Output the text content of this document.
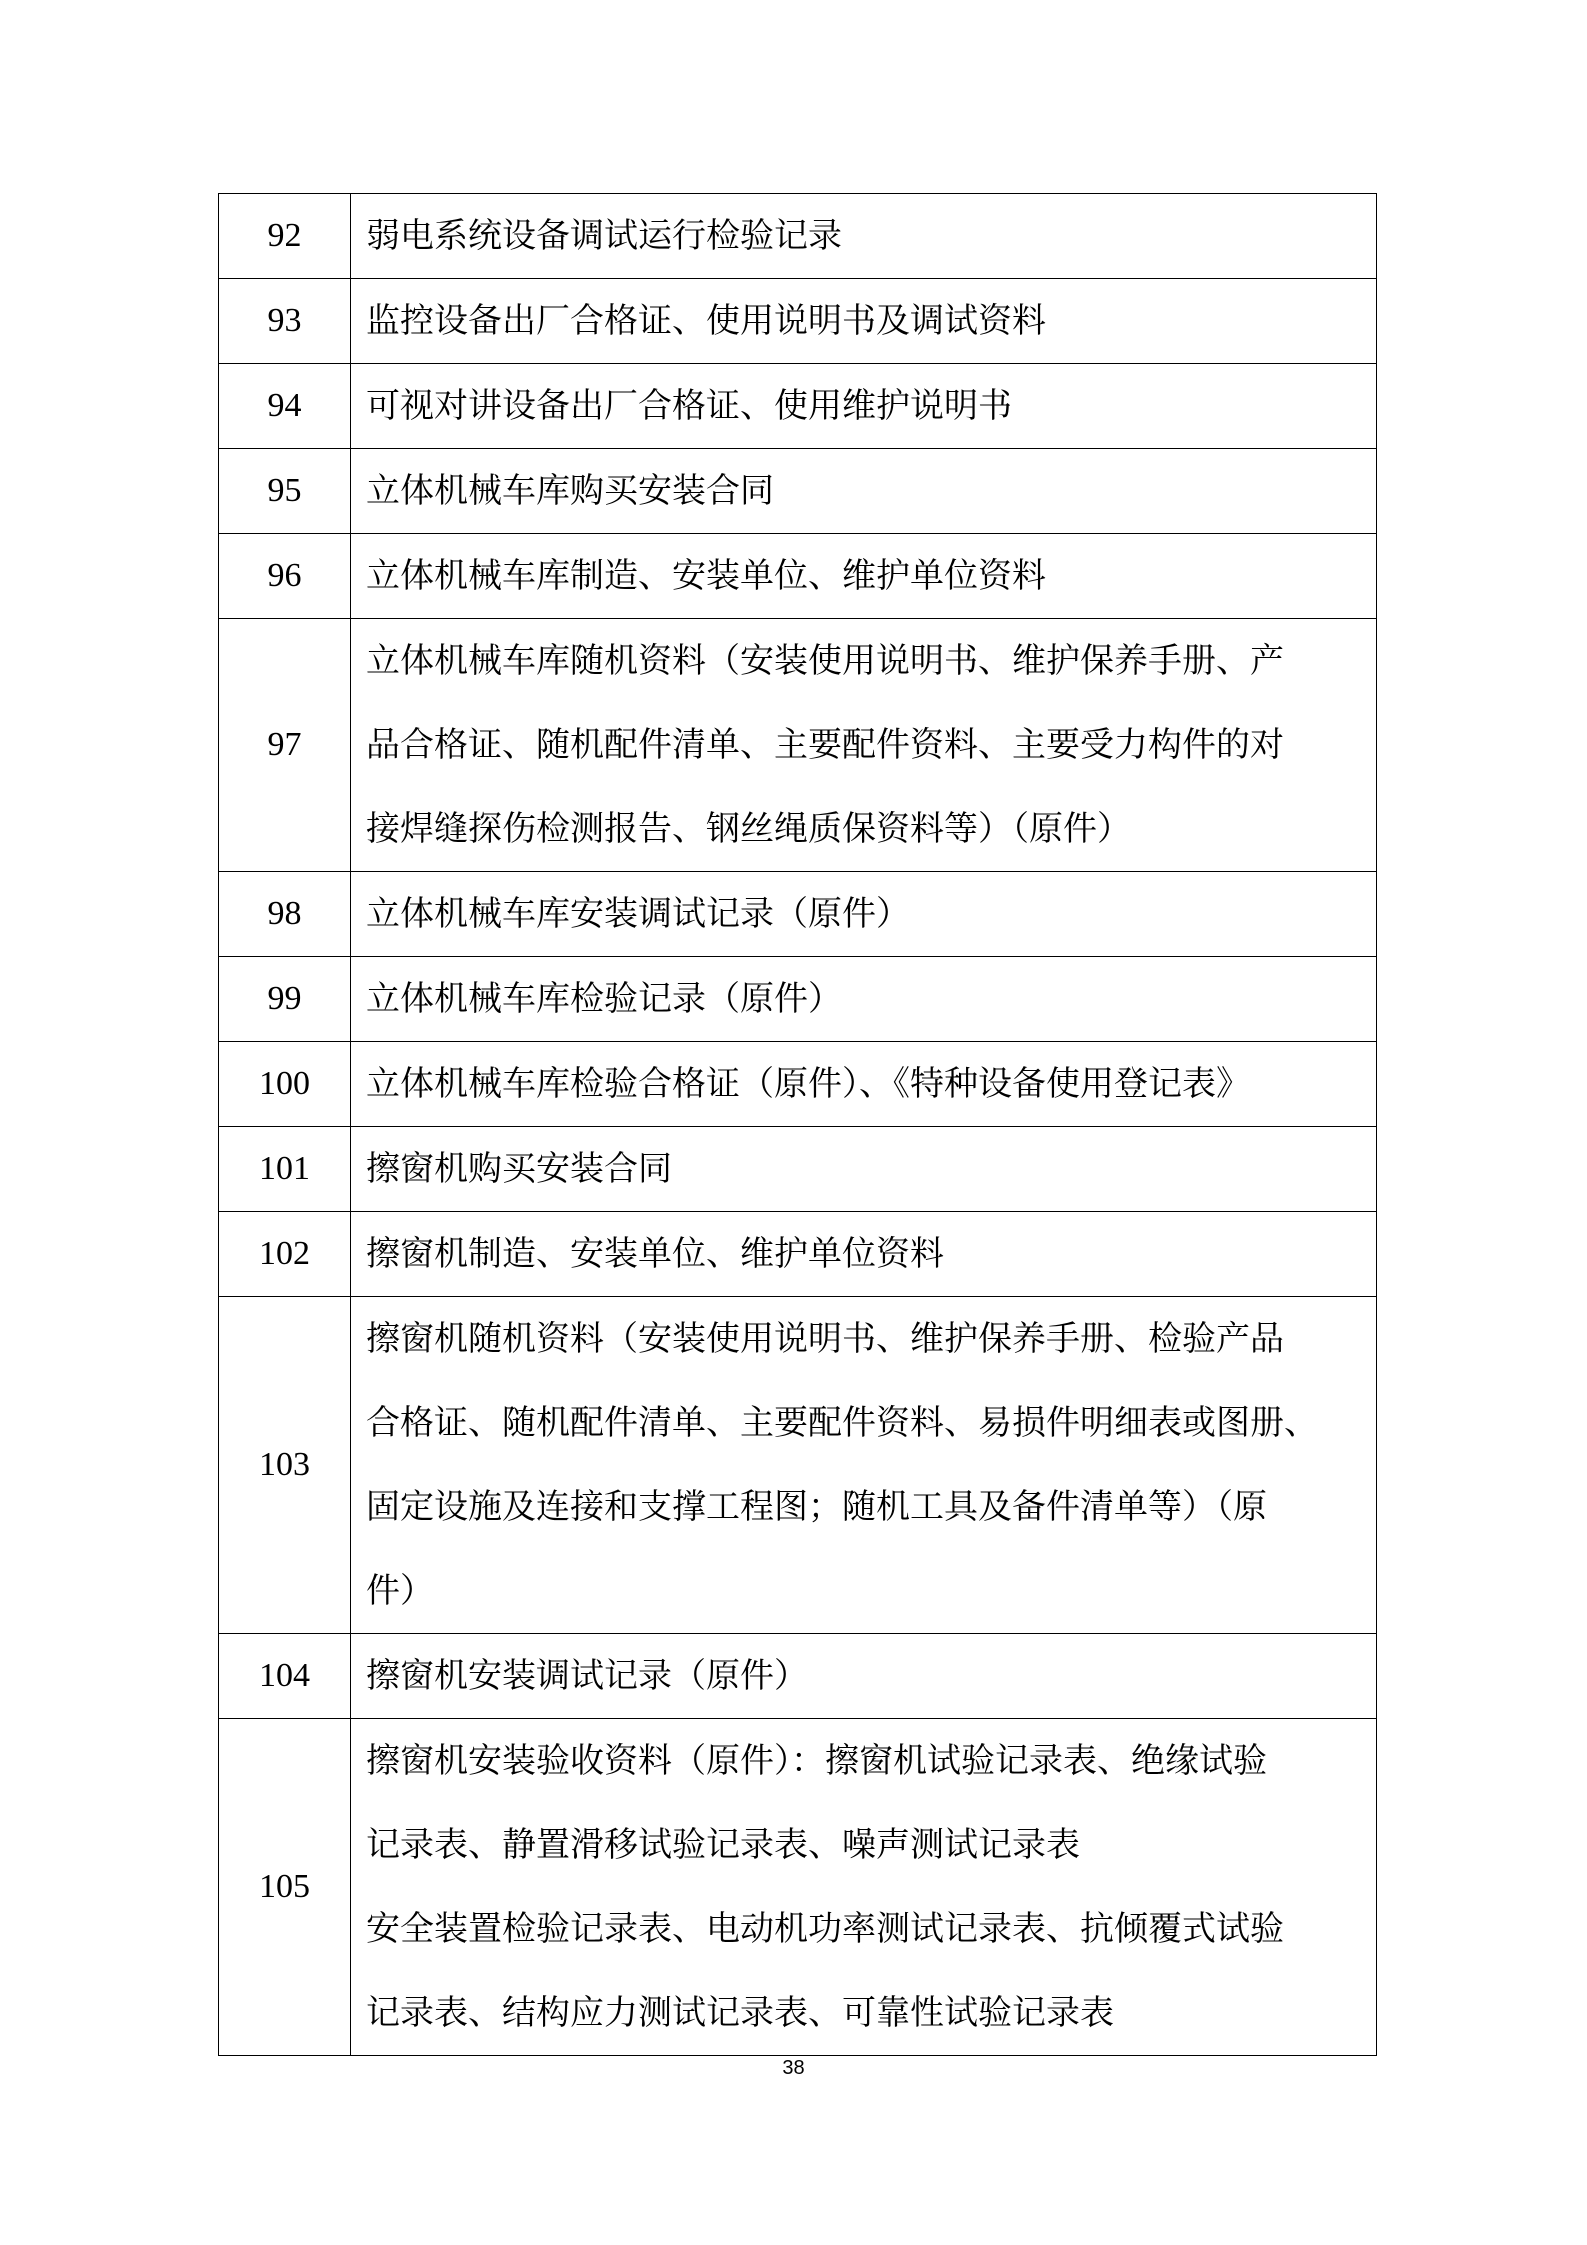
92	弱电系统设备调试运行检验记录

93	监控设备出厂合格证、使用说明书及调试资料

94	可视对讲设备出厂合格证、使用维护说明书

95	立体机械车库购买安装合同

96	立体机械车库制造、安装单位、维护单位资料

97	立体机械车库随机资料（安装使用说明书、维护保养手册、产
品合格证、随机配件清单、主要配件资料、主要受力构件的对
接焊缝探伤检测报告、钢丝绳质保资料等）（原件）

98	立体机械车库安装调试记录（原件）

99	立体机械车库检验记录（原件）

100	立体机械车库检验合格证（原件）、《特种设备使用登记表》

101	擦窗机购买安装合同

102	擦窗机制造、安装单位、维护单位资料

103	擦窗机随机资料（安装使用说明书、维护保养手册、检验产品
合格证、随机配件清单、主要配件资料、易损件明细表或图册、
固定设施及连接和支撑工程图；随机工具及备件清单等）（原
件）

104	擦窗机安装调试记录（原件）

105	擦窗机安装验收资料（原件）：擦窗机试验记录表、绝缘试验
记录表、静置滑移试验记录表、噪声测试记录表
安全装置检验记录表、电动机功率测试记录表、抗倾覆式试验
记录表、结构应力测试记录表、可靠性试验记录表
38
